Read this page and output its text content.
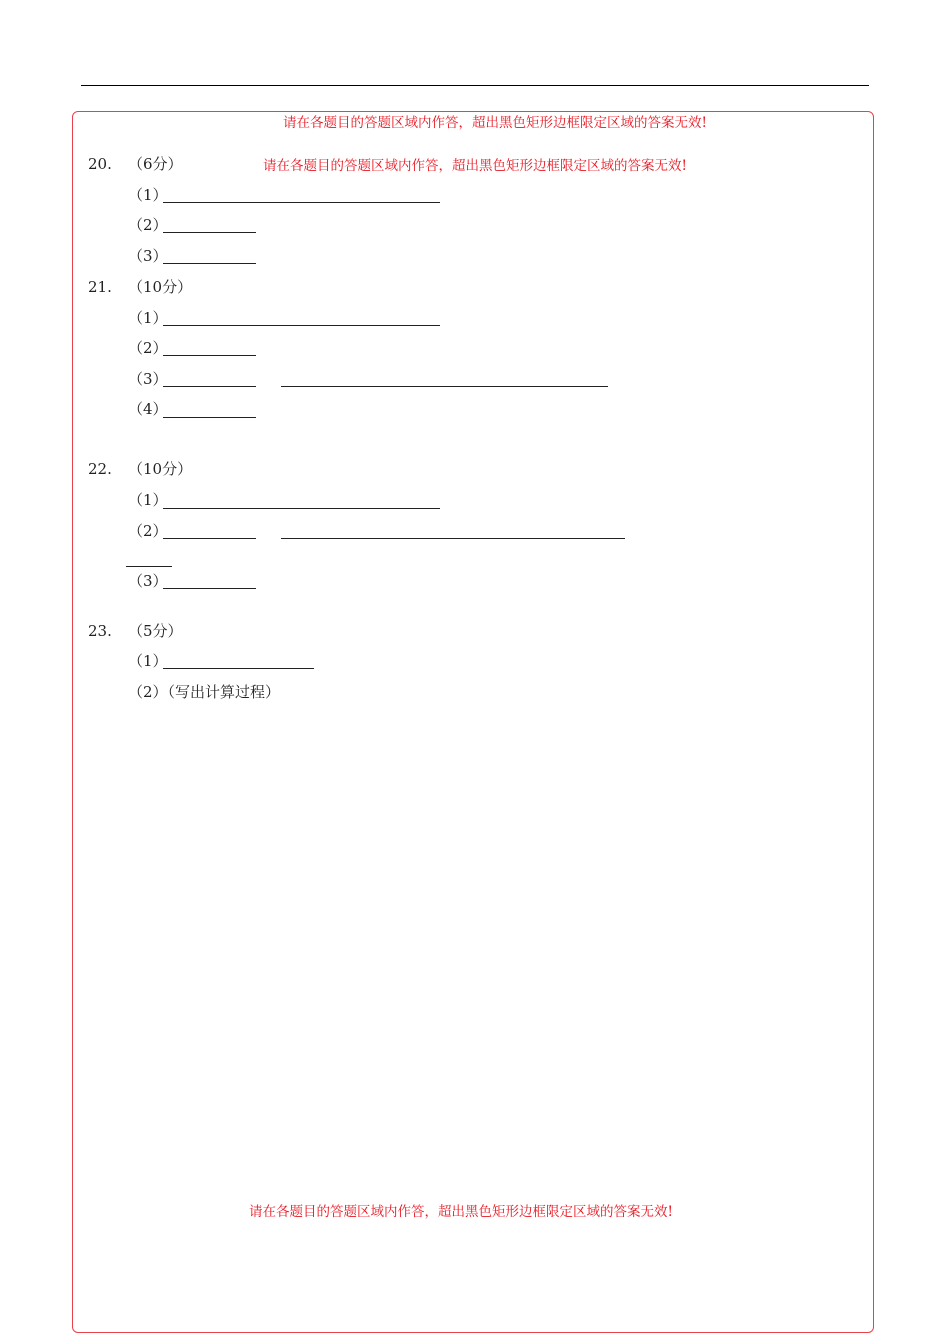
请在各题目的答题区域内作答，超出黑色矩形边框限定区域的答案无效!
请在各题目的答题区域内作答，超出黑色矩形边框限定区域的答案无效!
请在各题目的答题区域内作答，超出黑色矩形边框限定区域的答案无效!
20. （6分）
（1）
（2）
（3）
21. （10分）
（1）
（2）
（3）
（4）
22. （10分）
（1）
（2）
（3）
23. （5分）
（1）
（2）（写出计算过程）
